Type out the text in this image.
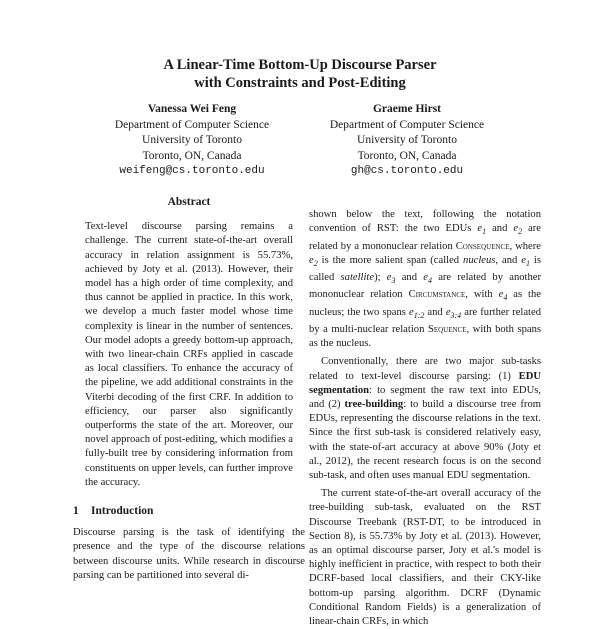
A Linear-Time Bottom-Up Discourse Parser
with Constraints and Post-Editing
Vanessa Wei Feng
Department of Computer Science
University of Toronto
Toronto, ON, Canada
weifeng@cs.toronto.edu
Graeme Hirst
Department of Computer Science
University of Toronto
Toronto, ON, Canada
gh@cs.toronto.edu
Abstract

Text-level discourse parsing remains a challenge. The current state-of-the-art overall accuracy in relation assignment is 55.73%, achieved by Joty et al. (2013). However, their model has a high order of time complexity, and thus cannot be applied in practice. In this work, we develop a much faster model whose time complexity is linear in the number of sentences. Our model adopts a greedy bottom-up approach, with two linear-chain CRFs applied in cascade as local classifiers. To enhance the accuracy of the pipeline, we add additional constraints in the Viterbi decoding of the first CRF. In addition to efficiency, our parser also significantly outperforms the state of the art. Moreover, our novel approach of post-editing, which modifies a fully-built tree by considering information from constituents on upper levels, can further improve the accuracy.

1 Introduction

Discourse parsing is the task of identifying the presence and the type of the discourse relations between discourse units. While research in discourse parsing can be partitioned into several di-

shown below the text, following the notation convention of RST: the two EDUs $e_1$ and $e_2$ are related by a mononuclear relation Consequence, where $e_2$ is the more salient span (called nucleus, and $e_1$ is called satellite); $e_3$ and $e_4$ are related by another mononuclear relation Circumstance, with $e_4$ as the nucleus; the two spans $e_{1:2}$ and $e_{3:4}$ are further related by a multi-nuclear relation Sequence, with both spans as the nucleus.

Conventionally, there are two major sub-tasks related to text-level discourse parsing: (1) EDU segmentation: to segment the raw text into EDUs, and (2) tree-building: to build a discourse tree from EDUs, representing the discourse relations in the text. Since the first sub-task is considered relatively easy, with the state-of-art accuracy at above 90% (Joty et al., 2012), the recent research focus is on the second sub-task, and often uses manual EDU segmentation.

The current state-of-the-art overall accuracy of the tree-building sub-task, evaluated on the RST Discourse Treebank (RST-DT, to be introduced in Section 8), is 55.73% by Joty et al. (2013). However, as an optimal discourse parser, Joty et al.'s model is highly inefficient in practice, with respect to both their DCRF-based local classifiers, and their CKY-like bottom-up parsing algorithm. DCRF (Dynamic Conditional Random Fields) is a generalization of linear-chain CRFs, in which
